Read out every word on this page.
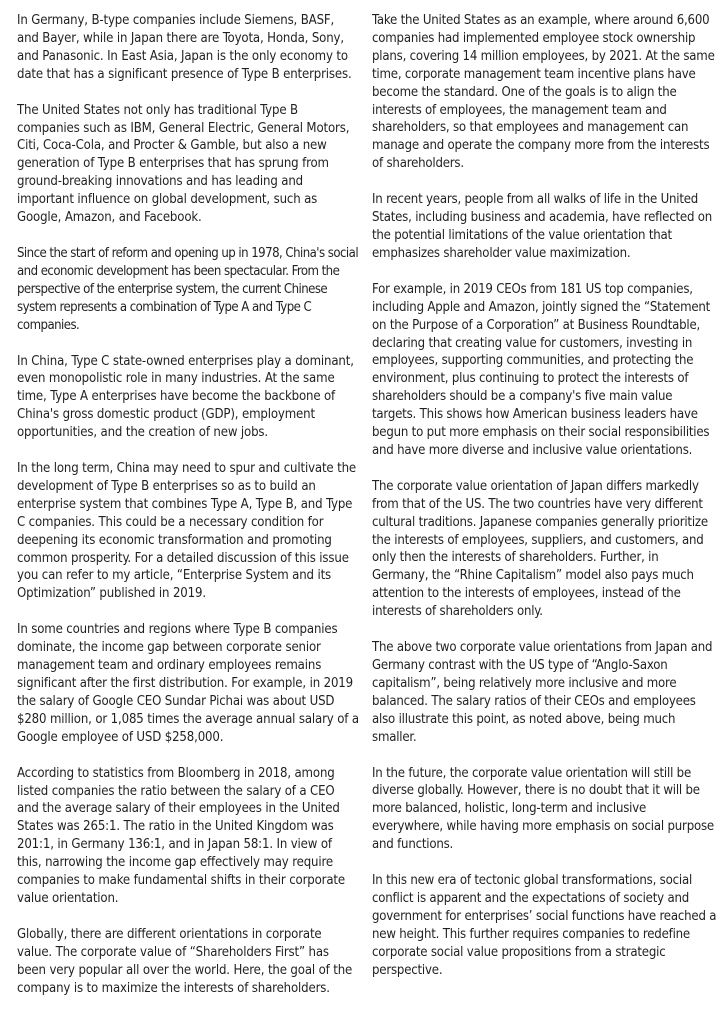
In Germany, B-type companies include Siemens, BASF, and Bayer, while in Japan there are Toyota, Honda, Sony, and Panasonic. In East Asia, Japan is the only economy to date that has a significant presence of Type B enterprises.

The United States not only has traditional Type B companies such as IBM, General Electric, General Motors, Citi, Coca-Cola, and Procter & Gamble, but also a new generation of Type B enterprises that has sprung from ground-breaking innovations and has leading and important influence on global development, such as Google, Amazon, and Facebook.

Since the start of reform and opening up in 1978, China's social and economic development has been spectacular. From the perspective of the enterprise system, the current Chinese system represents a combination of Type A and Type C companies.

In China, Type C state-owned enterprises play a dominant, even monopolistic role in many industries. At the same time, Type A enterprises have become the backbone of China's gross domestic product (GDP), employment opportunities, and the creation of new jobs.

In the long term, China may need to spur and cultivate the development of Type B enterprises so as to build an enterprise system that combines Type A, Type B, and Type C companies. This could be a necessary condition for deepening its economic transformation and promoting common prosperity. For a detailed discussion of this issue you can refer to my article, “Enterprise System and its Optimization” published in 2019.

In some countries and regions where Type B companies dominate, the income gap between corporate senior management team and ordinary employees remains significant after the first distribution. For example, in 2019 the salary of Google CEO Sundar Pichai was about USD $280 million, or 1,085 times the average annual salary of a Google employee of USD $258,000.

According to statistics from Bloomberg in 2018, among listed companies the ratio between the salary of a CEO and the average salary of their employees in the United States was 265:1. The ratio in the United Kingdom was 201:1, in Germany 136:1, and in Japan 58:1. In view of this, narrowing the income gap effectively may require companies to make fundamental shifts in their corporate value orientation.

Globally, there are different orientations in corporate value. The corporate value of “Shareholders First” has been very popular all over the world. Here, the goal of the company is to maximize the interests of shareholders.

Take the United States as an example, where around 6,600 companies had implemented employee stock ownership plans, covering 14 million employees, by 2021. At the same time, corporate management team incentive plans have become the standard. One of the goals is to align the interests of employees, the management team and shareholders, so that employees and management can manage and operate the company more from the interests of shareholders.

In recent years, people from all walks of life in the United States, including business and academia, have reflected on the potential limitations of the value orientation that emphasizes shareholder value maximization.

For example, in 2019 CEOs from 181 US top companies, including Apple and Amazon, jointly signed the “Statement on the Purpose of a Corporation” at Business Roundtable, declaring that creating value for customers, investing in employees, supporting communities, and protecting the environment, plus continuing to protect the interests of shareholders should be a company's five main value targets. This shows how American business leaders have begun to put more emphasis on their social responsibilities and have more diverse and inclusive value orientations.

The corporate value orientation of Japan differs markedly from that of the US. The two countries have very different cultural traditions. Japanese companies generally prioritize the interests of employees, suppliers, and customers, and only then the interests of shareholders. Further, in Germany, the “Rhine Capitalism” model also pays much attention to the interests of employees, instead of the interests of shareholders only.

The above two corporate value orientations from Japan and Germany contrast with the US type of “Anglo-Saxon capitalism”, being relatively more inclusive and more balanced. The salary ratios of their CEOs and employees also illustrate this point, as noted above, being much smaller.

In the future, the corporate value orientation will still be diverse globally. However, there is no doubt that it will be more balanced, holistic, long-term and inclusive everywhere, while having more emphasis on social purpose and functions.

In this new era of tectonic global transformations, social conflict is apparent and the expectations of society and government for enterprises’ social functions have reached a new height. This further requires companies to redefine corporate social value propositions from a strategic perspective.
